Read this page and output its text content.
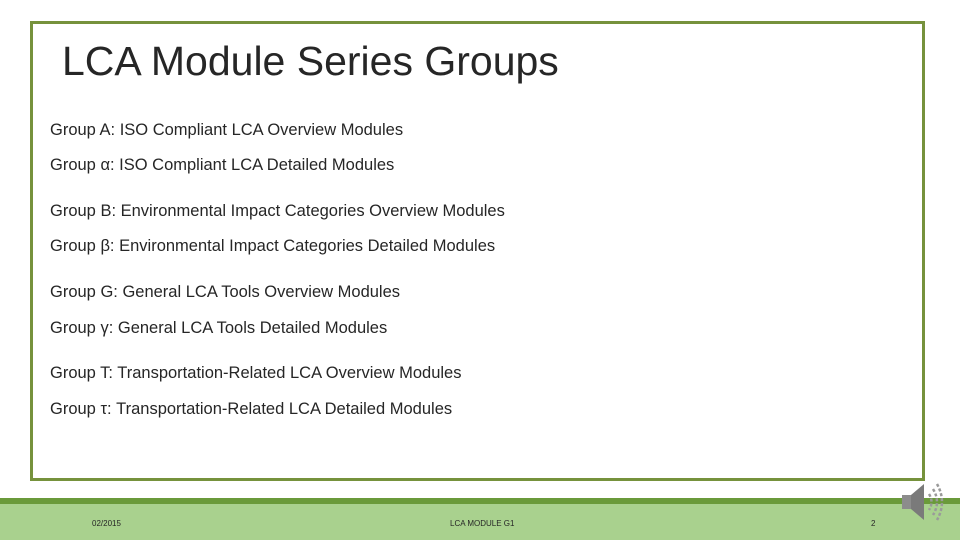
LCA Module Series Groups
Group A: ISO Compliant LCA Overview Modules
Group α: ISO Compliant LCA Detailed Modules
Group B: Environmental Impact Categories Overview Modules
Group β: Environmental Impact Categories Detailed Modules
Group G: General LCA Tools Overview Modules
Group γ: General LCA Tools Detailed Modules
Group T: Transportation-Related LCA Overview Modules
Group τ: Transportation-Related LCA Detailed Modules
02/2015	LCA MODULE G1	2
